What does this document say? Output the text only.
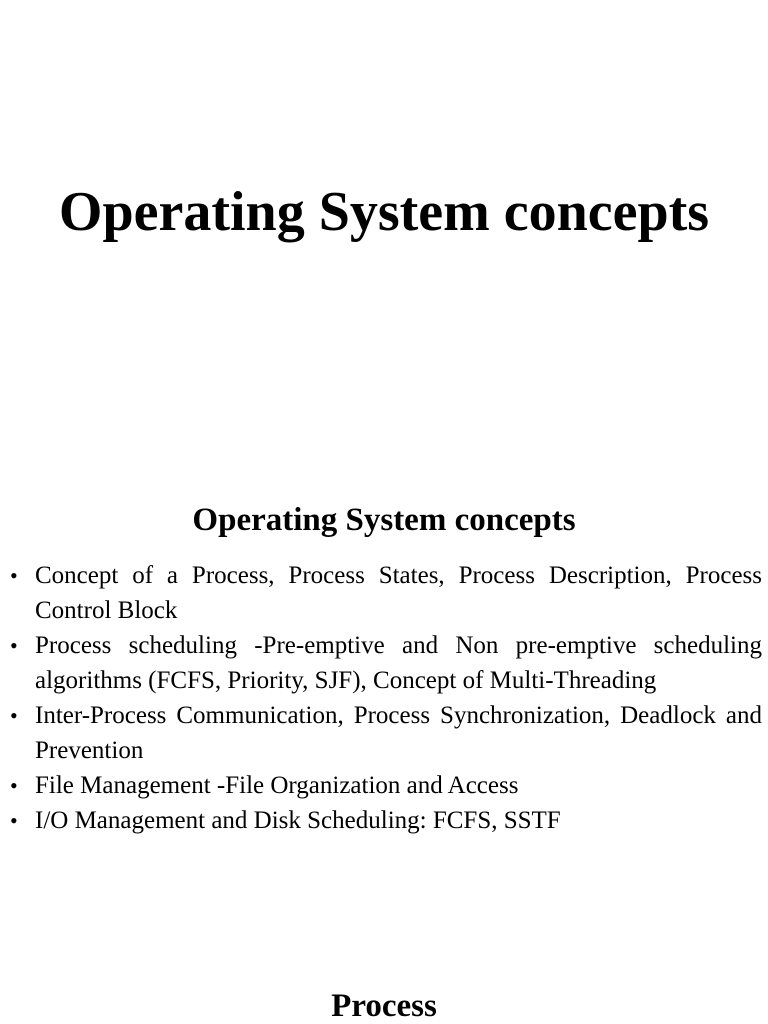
Operating System concepts
Operating System concepts
• Concept of a Process, Process States, Process Description, Process Control Block
• Process scheduling -Pre-emptive and Non pre-emptive scheduling algorithms (FCFS, Priority, SJF), Concept of Multi-Threading
• Inter-Process Communication, Process Synchronization, Deadlock and Prevention
• File Management -File Organization and Access
• I/O Management and Disk Scheduling: FCFS, SSTF
Process
